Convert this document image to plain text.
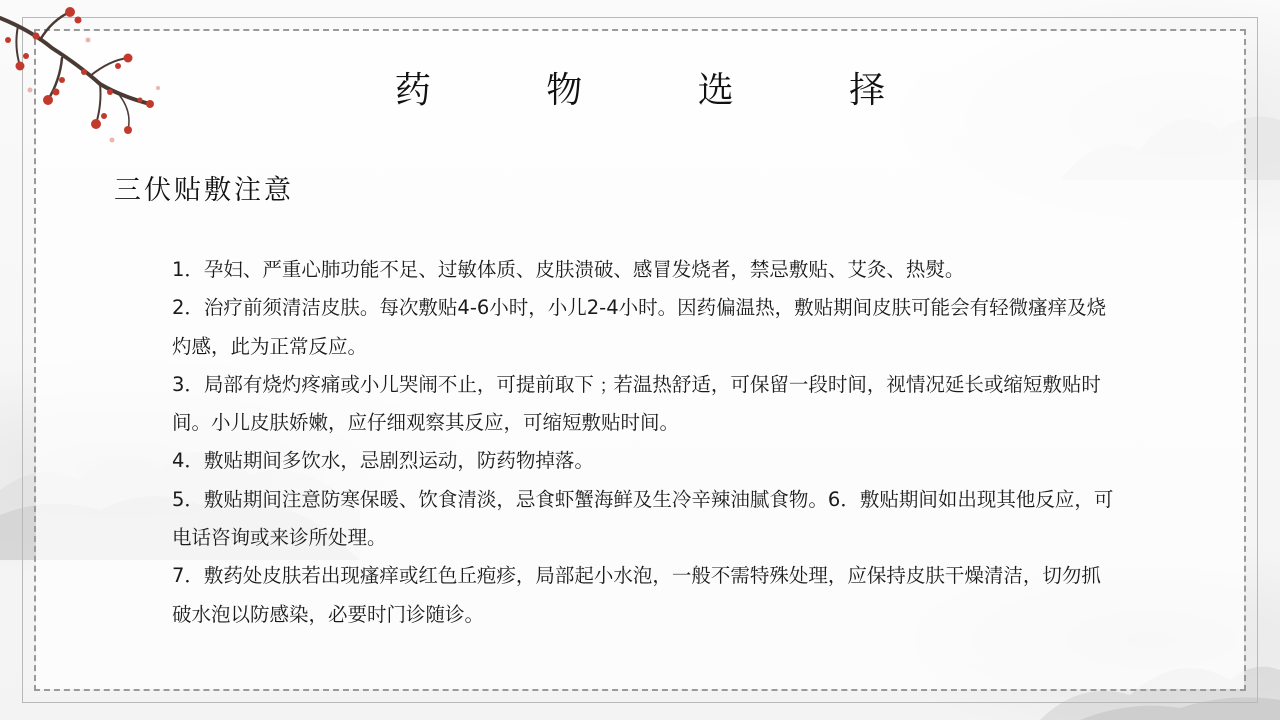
药 物 选 择
三伏贴敷注意

1．孕妇、严重心肺功能不足、过敏体质、皮肤溃破、感冒发烧者，禁忌敷贴、艾灸、热熨。

2．治疗前须清洁皮肤。每次敷贴4-6小时，小儿2-4小时。因药偏温热，敷贴期间皮肤可能会有轻微瘙痒及烧灼感，此为正常反应。

3．局部有烧灼疼痛或小儿哭闹不止，可提前取下﹔若温热舒适，可保留一段时间，视情况延长或缩短敷贴时间。小儿皮肤娇嫩，应仔细观察其反应，可缩短敷贴时间。

4．敷贴期间多饮水，忌剧烈运动，防药物掉落。

5．敷贴期间注意防寒保暖、饮食清淡，忌食虾蟹海鲜及生冷辛辣油腻食物。6．敷贴期间如出现其他反应，可电话咨询或来诊所处理。

7．敷药处皮肤若出现瘙痒或红色丘疱疹，局部起小水泡，一般不需特殊处理，应保持皮肤干燥清洁，切勿抓破水泡以防感染，必要时门诊随诊。
